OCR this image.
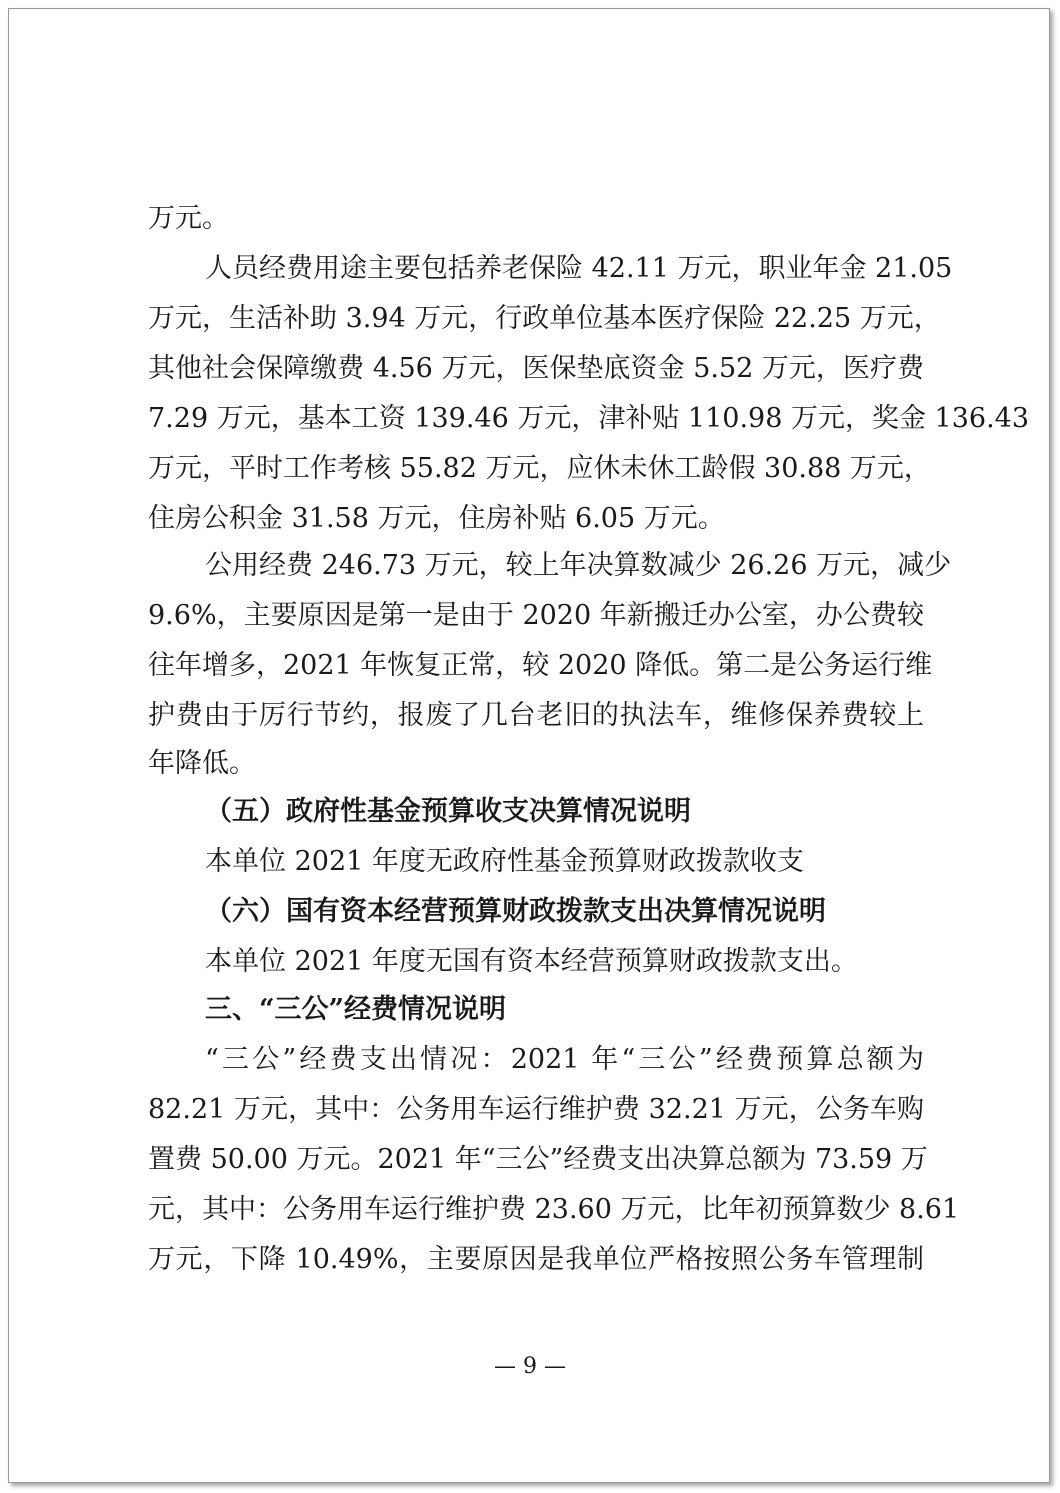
万元。
人员经费用途主要包括养老保险 42.11 万元，职业年金 21.05
万元，生活补助 3.94 万元，行政单位基本医疗保险 22.25 万元，
其他社会保障缴费 4.56 万元，医保垫底资金 5.52 万元，医疗费
7.29 万元，基本工资 139.46 万元，津补贴 110.98 万元，奖金 136.43
万元，平时工作考核 55.82 万元，应休未休工龄假 30.88 万元，
住房公积金 31.58 万元，住房补贴 6.05 万元。
公用经费 246.73 万元，较上年决算数减少 26.26 万元，减少
9.6%，主要原因是第一是由于 2020 年新搬迁办公室，办公费较
往年增多，2021 年恢复正常，较 2020 降低。第二是公务运行维
护费由于厉行节约，报废了几台老旧的执法车，维修保养费较上
年降低。
（五）政府性基金预算收支决算情况说明
本单位 2021 年度无政府性基金预算财政拨款收支
（六）国有资本经营预算财政拨款支出决算情况说明
本单位 2021 年度无国有资本经营预算财政拨款支出。
三、“三公”经费情况说明
“三公”经费支出情况：2021 年“三公”经费预算总额为
82.21 万元，其中：公务用车运行维护费 32.21 万元，公务车购
置费 50.00 万元。2021 年“三公”经费支出决算总额为 73.59 万
元，其中：公务用车运行维护费 23.60 万元，比年初预算数少 8.61
万元，下降 10.49%，主要原因是我单位严格按照公务车管理制
— 9 —
